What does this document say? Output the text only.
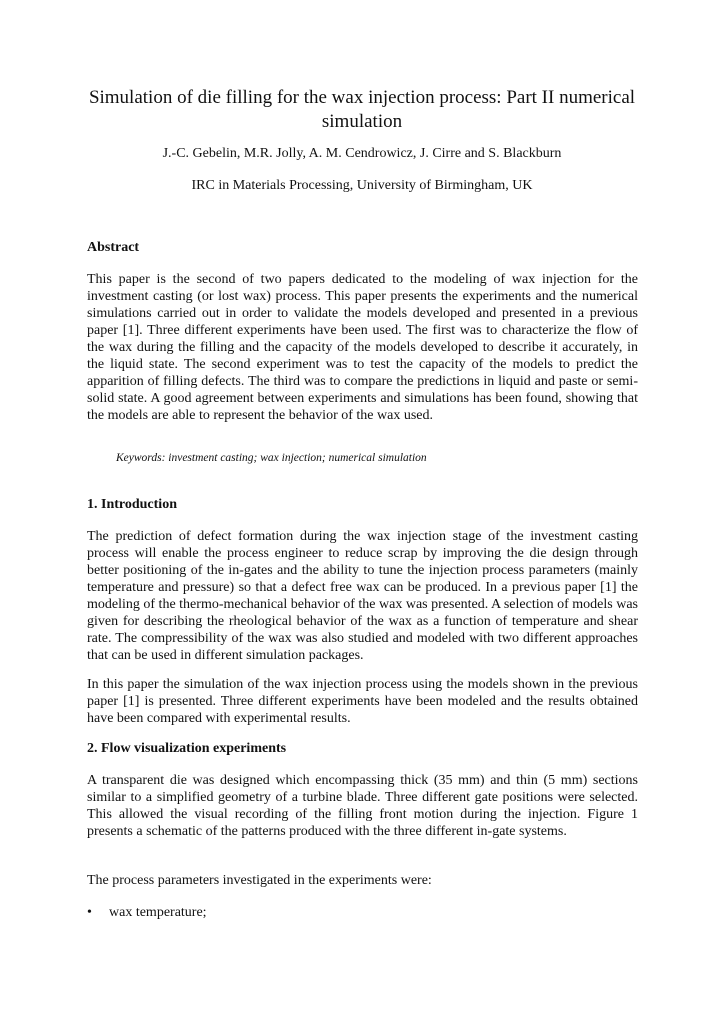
Simulation of die filling for the wax injection process: Part II numerical simulation
J.-C. Gebelin, M.R. Jolly, A. M. Cendrowicz, J. Cirre and S. Blackburn
IRC in Materials Processing, University of Birmingham, UK
Abstract
This paper is the second of two papers dedicated to the modeling of wax injection for the investment casting (or lost wax) process. This paper presents the experiments and the numerical simulations carried out in order to validate the models developed and presented in a previous paper [1]. Three different experiments have been used. The first was to characterize the flow of the wax during the filling and the capacity of the models developed to describe it accurately, in the liquid state. The second experiment was to test the capacity of the models to predict the apparition of filling defects. The third was to compare the predictions in liquid and paste or semi-solid state. A good agreement between experiments and simulations has been found, showing that the models are able to represent the behavior of the wax used.
Keywords: investment casting; wax injection; numerical simulation
1. Introduction
The prediction of defect formation during the wax injection stage of the investment casting process will enable the process engineer to reduce scrap by improving the die design through better positioning of the in-gates and the ability to tune the injection process parameters (mainly temperature and pressure) so that a defect free wax can be produced. In a previous paper [1] the modeling of the thermo-mechanical behavior of the wax was presented. A selection of models was given for describing the rheological behavior of the wax as a function of temperature and shear rate. The compressibility of the wax was also studied and modeled with two different approaches that can be used in different simulation packages.
In this paper the simulation of the wax injection process using the models shown in the previous paper [1] is presented. Three different experiments have been modeled and the results obtained have been compared with experimental results.
2. Flow visualization experiments
A transparent die was designed which encompassing thick (35 mm) and thin (5 mm) sections similar to a simplified geometry of a turbine blade. Three different gate positions were selected. This allowed the visual recording of the filling front motion during the injection. Figure 1 presents a schematic of the patterns produced with the three different in-gate systems.
The process parameters investigated in the experiments were:
• wax temperature;
